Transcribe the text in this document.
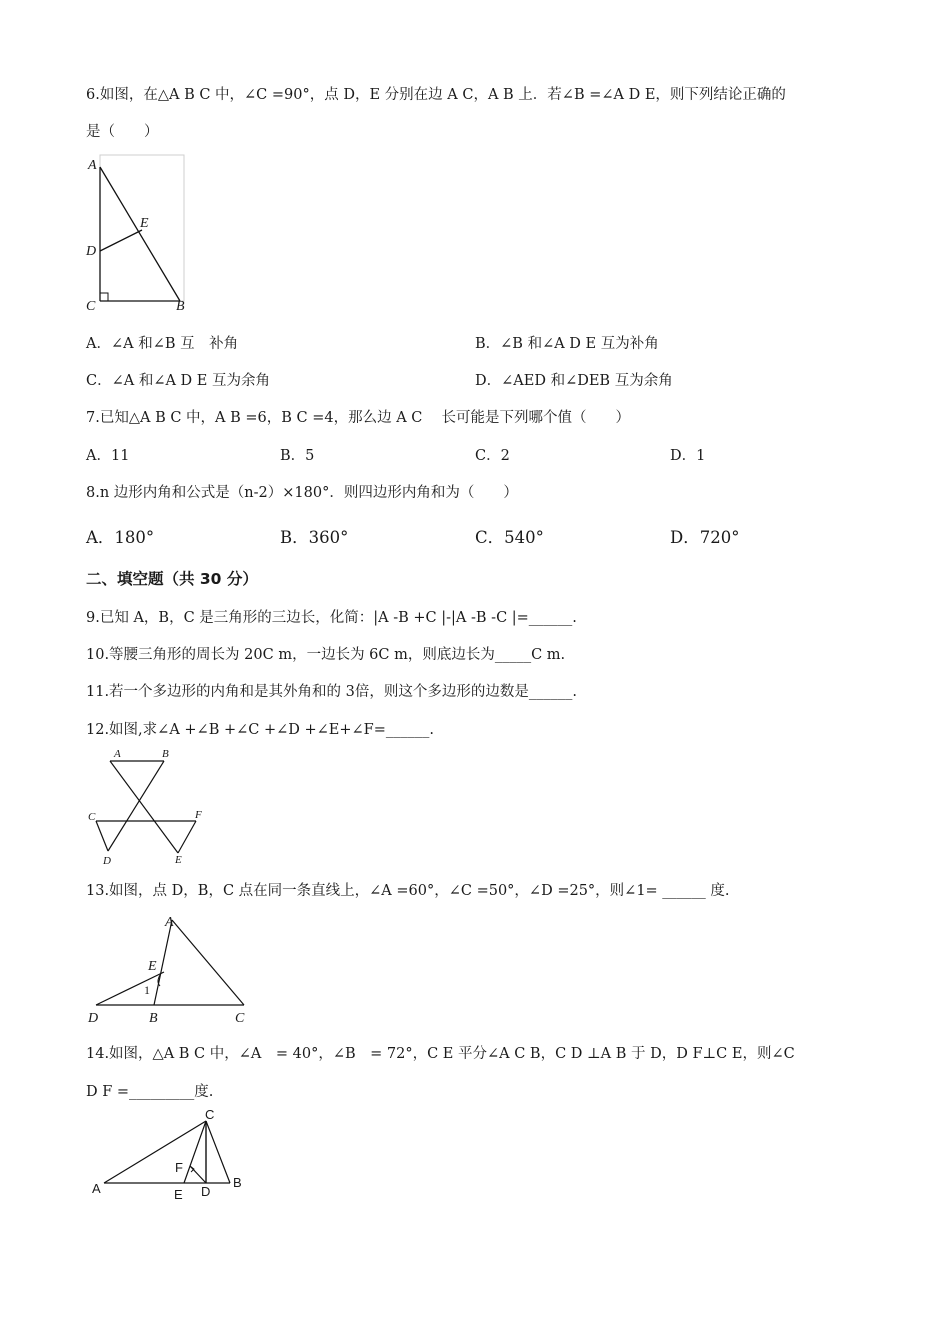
6.如图，在△A B C 中，∠C =90°，点 D，E 分别在边 A C，A B 上．若∠B =∠A D E，则下列结论正确的
是（　　）
A
E
D
C	B
A．∠A 和∠B 互　补角	B．∠B 和∠A D E 互为补角
C．∠A 和∠A D E 互为余角	D．∠AED 和∠DEB 互为余角
7.已知△A B C 中，A B =6，B C =4，那么边 A C　 长可能是下列哪个值（　　）
A．11	B．5	C．2	D．1
8.n 边形内角和公式是（n-2）×180°．则四边形内角和为（　　）
A．180°	B．360°	C．540°	D．720°
二、填空题（共 30 分）
9.已知 A，B，C 是三角形的三边长，化简：|A -B +C |-|A -B -C |=______.
10.等腰三角形的周长为 20C m，一边长为 6C m，则底边长为_____C m.
11.若一个多边形的内角和是其外角和的 3倍，则这个多边形的边数是______.
12.如图,求∠A +∠B +∠C +∠D +∠E+∠F=______.
A	B
C	F
D	E
13.如图，点 D，B，C 点在同一条直线上，∠A =60°，∠C =50°，∠D =25°，则∠1= ______ 度.
A
E
1
D	B	C
14.如图，△A B C 中，∠A　= 40°，∠B　= 72°，C E 平分∠A C B，C D ⊥A B 于 D，D F⊥C E，则∠C
D F =_________度.
C
F
A	E D
B
